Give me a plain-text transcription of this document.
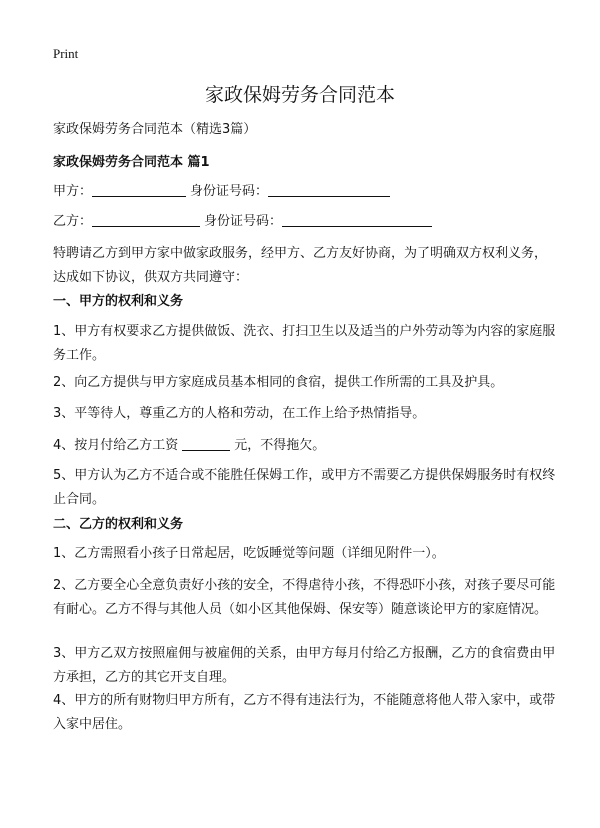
Print
家政保姆劳务合同范本
家政保姆劳务合同范本（精选3篇）
家政保姆劳务合同范本 篇1
甲方：	身份证号码：
乙方：	身份证号码：

特聘请乙方到甲方家中做家政服务，经甲方、乙方友好协商，为了明确双方权利义务，达成如下协议，供双方共同遵守：

一、甲方的权利和义务

1、甲方有权要求乙方提供做饭、洗衣、打扫卫生以及适当的户外劳动等为内容的家庭服务工作。

2、向乙方提供与甲方家庭成员基本相同的食宿，提供工作所需的工具及护具。

3、平等待人，尊重乙方的人格和劳动，在工作上给予热情指导。

4、按月付给乙方工资	元，不得拖欠。

5、甲方认为乙方不适合或不能胜任保姆工作，或甲方不需要乙方提供保姆服务时有权终止合同。

二、乙方的权利和义务

1、乙方需照看小孩子日常起居，吃饭睡觉等问题（详细见附件一）。

2、乙方要全心全意负责好小孩的安全，不得虐待小孩，不得恐吓小孩，对孩子要尽可能有耐心。乙方不得与其他人员（如小区其他保姆、保安等）随意谈论甲方的家庭情况。

3、甲方乙双方按照雇佣与被雇佣的关系，由甲方每月付给乙方报酬，乙方的食宿费由甲方承担，乙方的其它开支自理。

4、甲方的所有财物归甲方所有，乙方不得有违法行为，不能随意将他人带入家中，或带入家中居住。
